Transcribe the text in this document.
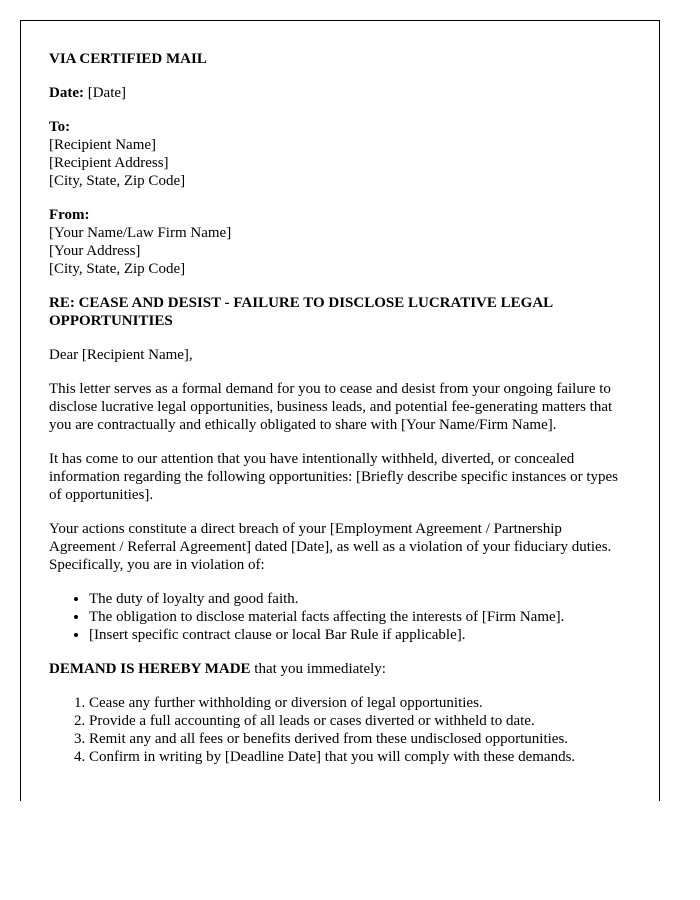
VIA CERTIFIED MAIL

Date: [Date]

To:

[Recipient Name]

[Recipient Address]

[City, State, Zip Code]

From:

[Your Name/Law Firm Name]

[Your Address]

[City, State, Zip Code]

RE: CEASE AND DESIST - FAILURE TO DISCLOSE LUCRATIVE LEGAL OPPORTUNITIES

Dear [Recipient Name],

This letter serves as a formal demand for you to cease and desist from your ongoing failure to disclose lucrative legal opportunities, business leads, and potential fee-generating matters that you are contractually and ethically obligated to share with [Your Name/Firm Name].

It has come to our attention that you have intentionally withheld, diverted, or concealed information regarding the following opportunities: [Briefly describe specific instances or types of opportunities].

Your actions constitute a direct breach of your [Employment Agreement / Partnership Agreement / Referral Agreement] dated [Date], as well as a violation of your fiduciary duties. Specifically, you are in violation of:

• The duty of loyalty and good faith.
• The obligation to disclose material facts affecting the interests of [Firm Name].
• [Insert specific contract clause or local Bar Rule if applicable].

DEMAND IS HEREBY MADE that you immediately:

1. Cease any further withholding or diversion of legal opportunities.
2. Provide a full accounting of all leads or cases diverted or withheld to date.
3. Remit any and all fees or benefits derived from these undisclosed opportunities.
4. Confirm in writing by [Deadline Date] that you will comply with these demands.
